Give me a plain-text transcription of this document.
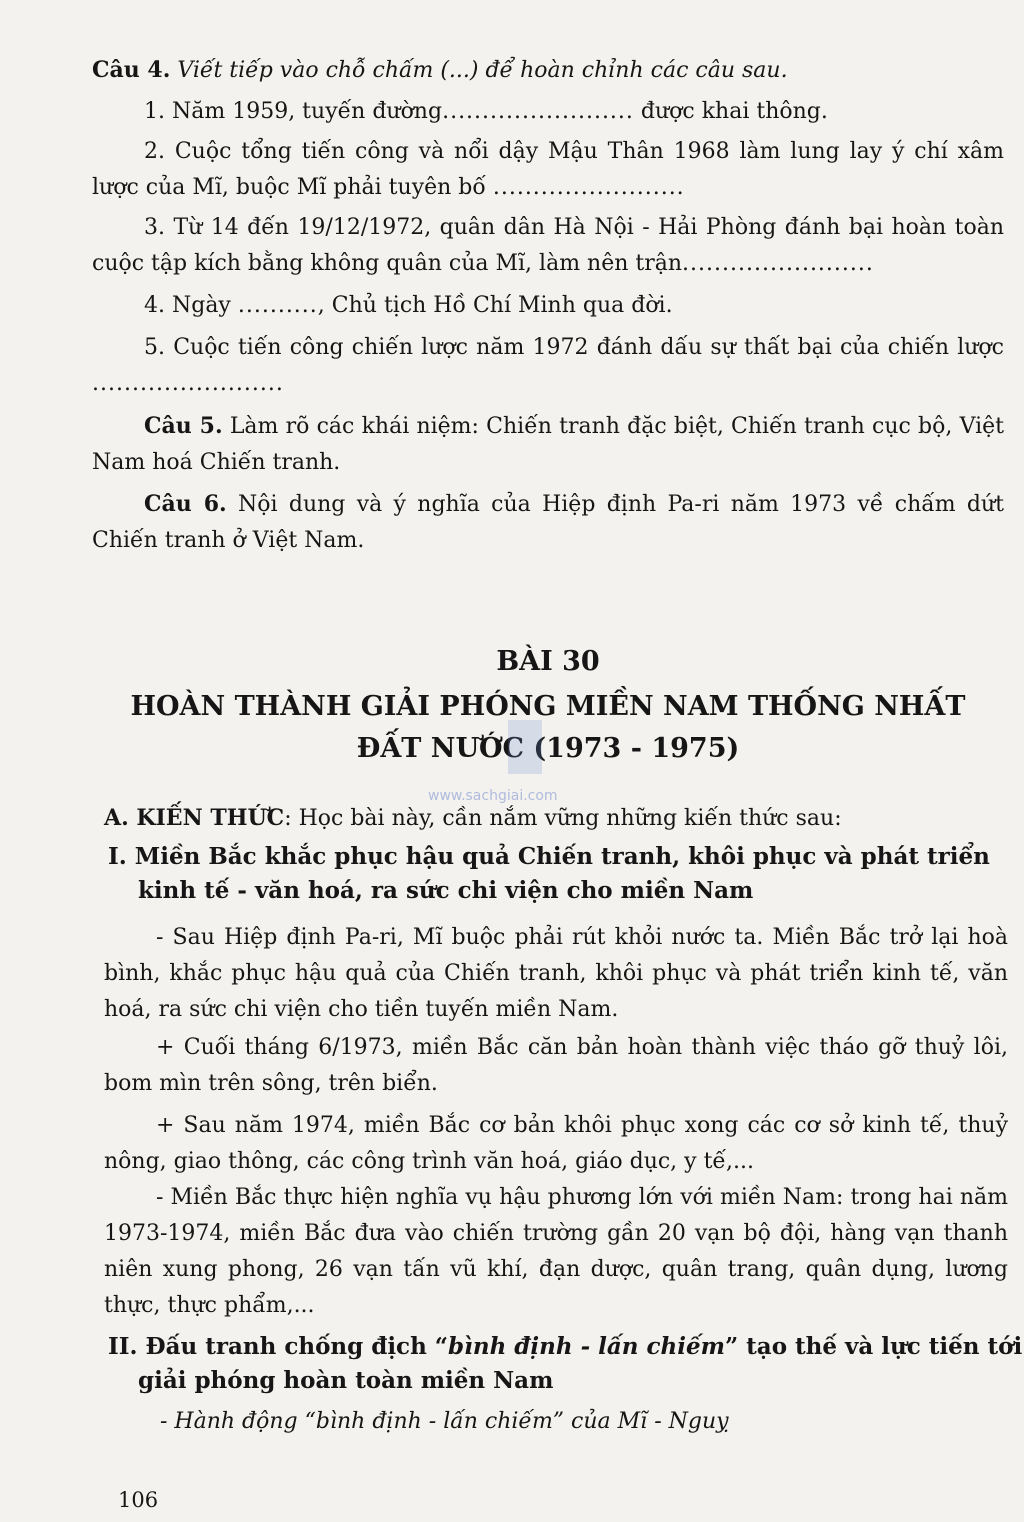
Câu 4. Viết tiếp vào chỗ chấm (...) để hoàn chỉnh các câu sau.

1. Năm 1959, tuyến đường........................ được khai thông.

2. Cuộc tổng tiến công và nổi dậy Mậu Thân 1968 làm lung lay ý chí xâm lược của Mĩ, buộc Mĩ phải tuyên bố ........................

3. Từ 14 đến 19/12/1972, quân dân Hà Nội - Hải Phòng đánh bại hoàn toàn cuộc tập kích bằng không quân của Mĩ, làm nên trận........................

4. Ngày .........., Chủ tịch Hồ Chí Minh qua đời.

5. Cuộc tiến công chiến lược năm 1972 đánh dấu sự thất bại của chiến lược ........................

Câu 5. Làm rõ các khái niệm: Chiến tranh đặc biệt, Chiến tranh cục bộ, Việt Nam hoá Chiến tranh.

Câu 6. Nội dung và ý nghĩa của Hiệp định Pa-ri năm 1973 về chấm dứt Chiến tranh ở Việt Nam.

BÀI 30

HOÀN THÀNH GIẢI PHÓNG MIỀN NAM THỐNG NHẤT

ĐẤT NƯỚC (1973 - 1975)

www.sachgiai.com

A. KIẾN THỨC: Học bài này, cần nắm vững những kiến thức sau:

I. Miền Bắc khắc phục hậu quả Chiến tranh, khôi phục và phát triển kinh tế - văn hoá, ra sức chi viện cho miền Nam

- Sau Hiệp định Pa-ri, Mĩ buộc phải rút khỏi nước ta. Miền Bắc trở lại hoà bình, khắc phục hậu quả của Chiến tranh, khôi phục và phát triển kinh tế, văn hoá, ra sức chi viện cho tiền tuyến miền Nam.

+ Cuối tháng 6/1973, miền Bắc căn bản hoàn thành việc tháo gỡ thuỷ lôi, bom mìn trên sông, trên biển.

+ Sau năm 1974, miền Bắc cơ bản khôi phục xong các cơ sở kinh tế, thuỷ nông, giao thông, các công trình văn hoá, giáo dục, y tế,...

- Miền Bắc thực hiện nghĩa vụ hậu phương lớn với miền Nam: trong hai năm 1973-1974, miền Bắc đưa vào chiến trường gần 20 vạn bộ đội, hàng vạn thanh niên xung phong, 26 vạn tấn vũ khí, đạn dược, quân trang, quân dụng, lương thực, thực phẩm,...

II. Đấu tranh chống địch “bình định - lấn chiếm” tạo thế và lực tiến tới giải phóng hoàn toàn miền Nam

- Hành động “bình định - lấn chiếm” của Mĩ - Nguỵ

106
